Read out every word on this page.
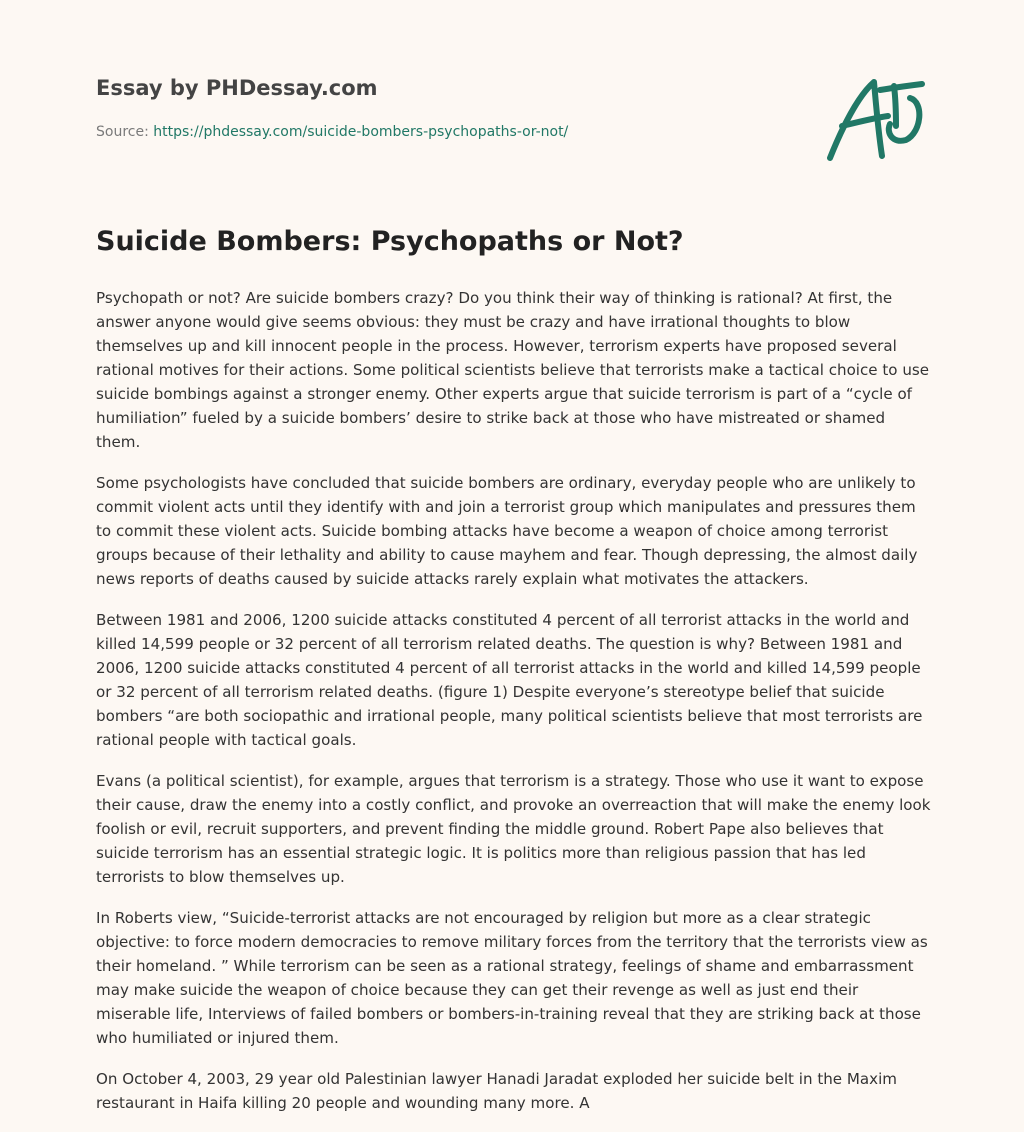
Essay by PHDessay.com
Source: https://phdessay.com/suicide-bombers-psychopaths-or-not/
Suicide Bombers: Psychopaths or Not?

Psychopath or not? Are suicide bombers crazy? Do you think their way of thinking is rational? At first, the answer anyone would give seems obvious: they must be crazy and have irrational thoughts to blow themselves up and kill innocent people in the process. However, terrorism experts have proposed several rational motives for their actions. Some political scientists believe that terrorists make a tactical choice to use suicide bombings against a stronger enemy. Other experts argue that suicide terrorism is part of a “cycle of humiliation” fueled by a suicide bombers’ desire to strike back at those who have mistreated or shamed them.

Some psychologists have concluded that suicide bombers are ordinary, everyday people who are unlikely to commit violent acts until they identify with and join a terrorist group which manipulates and pressures them to commit these violent acts. Suicide bombing attacks have become a weapon of choice among terrorist groups because of their lethality and ability to cause mayhem and fear. Though depressing, the almost daily news reports of deaths caused by suicide attacks rarely explain what motivates the attackers.

Between 1981 and 2006, 1200 suicide attacks constituted 4 percent of all terrorist attacks in the world and killed 14,599 people or 32 percent of all terrorism related deaths. The question is why? Between 1981 and 2006, 1200 suicide attacks constituted 4 percent of all terrorist attacks in the world and killed 14,599 people or 32 percent of all terrorism related deaths. (figure 1) Despite everyone’s stereotype belief that suicide bombers “are both sociopathic and irrational people, many political scientists believe that most terrorists are rational people with tactical goals.

Evans (a political scientist), for example, argues that terrorism is a strategy. Those who use it want to expose their cause, draw the enemy into a costly conflict, and provoke an overreaction that will make the enemy look foolish or evil, recruit supporters, and prevent finding the middle ground. Robert Pape also believes that suicide terrorism has an essential strategic logic. It is politics more than religious passion that has led terrorists to blow themselves up.

In Roberts view, “Suicide-terrorist attacks are not encouraged by religion but more as a clear strategic objective: to force modern democracies to remove military forces from the territory that the terrorists view as their homeland. ” While terrorism can be seen as a rational strategy, feelings of shame and embarrassment may make suicide the weapon of choice because they can get their revenge as well as just end their miserable life, Interviews of failed bombers or bombers-in-training reveal that they are striking back at those who humiliated or injured them.

On October 4, 2003, 29 year old Palestinian lawyer Hanadi Jaradat exploded her suicide belt in the Maxim restaurant in Haifa killing 20 people and wounding many more. A
